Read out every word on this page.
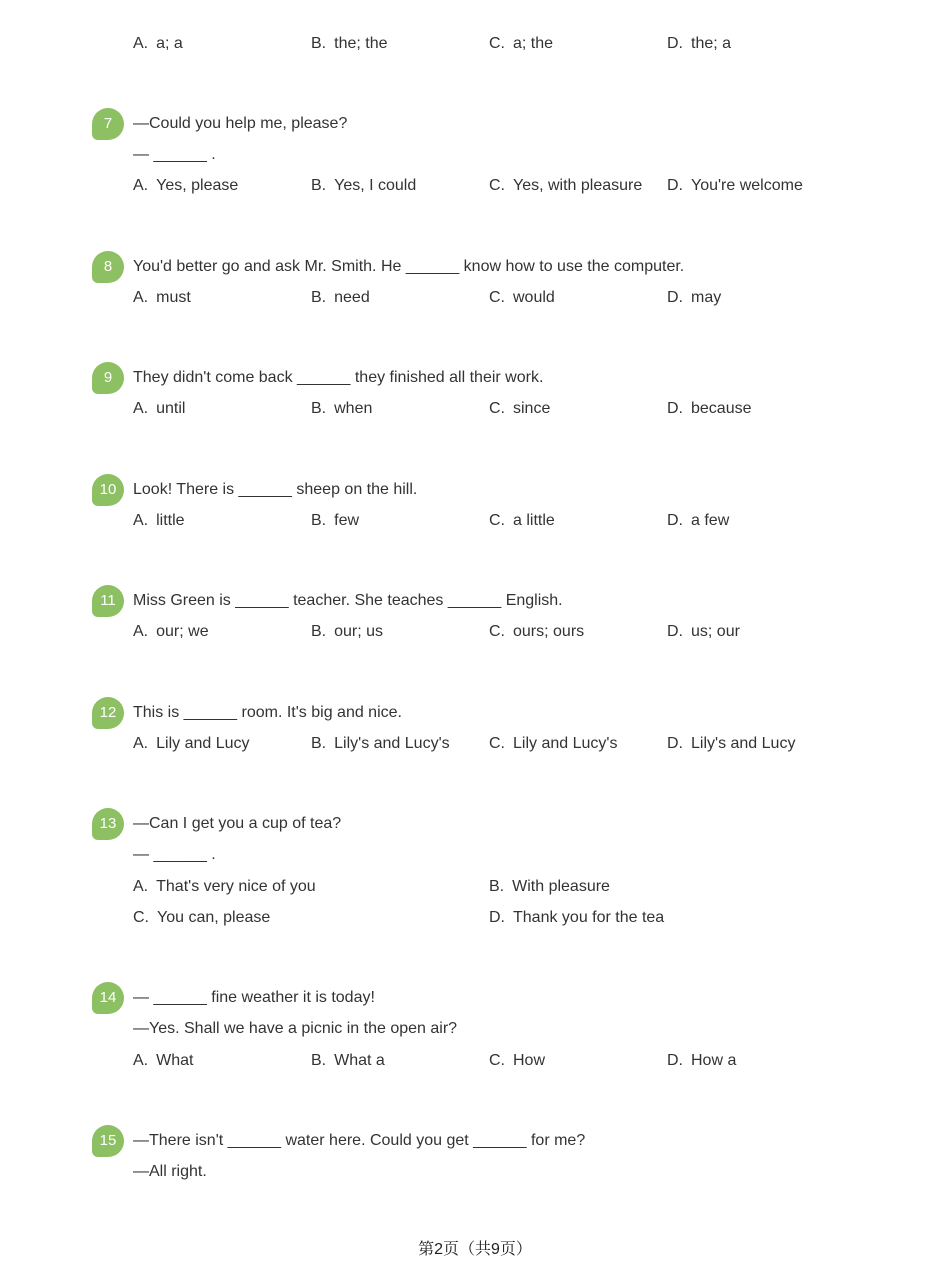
A. a; a	B. the; the	C. a; the	D. the; a
7	—Could you help me, please?
— ______ .
A. Yes, please	B. Yes, I could	C. Yes, with pleasure D. You're welcome
8	You'd better go and ask Mr. Smith. He ______ know how to use the computer.
A. must	B. need	C. would	D. may
9	They didn't come back ______ they finished all their work.
A. until	B. when	C. since	D. because
10	Look! There is ______ sheep on the hill.
A. little	B. few	C. a little	D. a few
11	Miss Green is ______ teacher. She teaches ______ English.
A. our; we	B. our; us	C. ours; ours	D. us; our
12	This is ______ room. It's big and nice.
A. Lily and Lucy	B. Lily's and Lucy's C. Lily and Lucy's	D. Lily's and Lucy
13	—Can I get you a cup of tea?
— ______ .
A. That's very nice of you	B. With pleasure
C. You can, please	D. Thank you for the tea
14	— ______ fine weather it is today!
—Yes. Shall we have a picnic in the open air?
A. What	B. What a	C. How	D. How a
15	—There isn't ______ water here. Could you get ______ for me?
—All right.
第2页（共9页）
